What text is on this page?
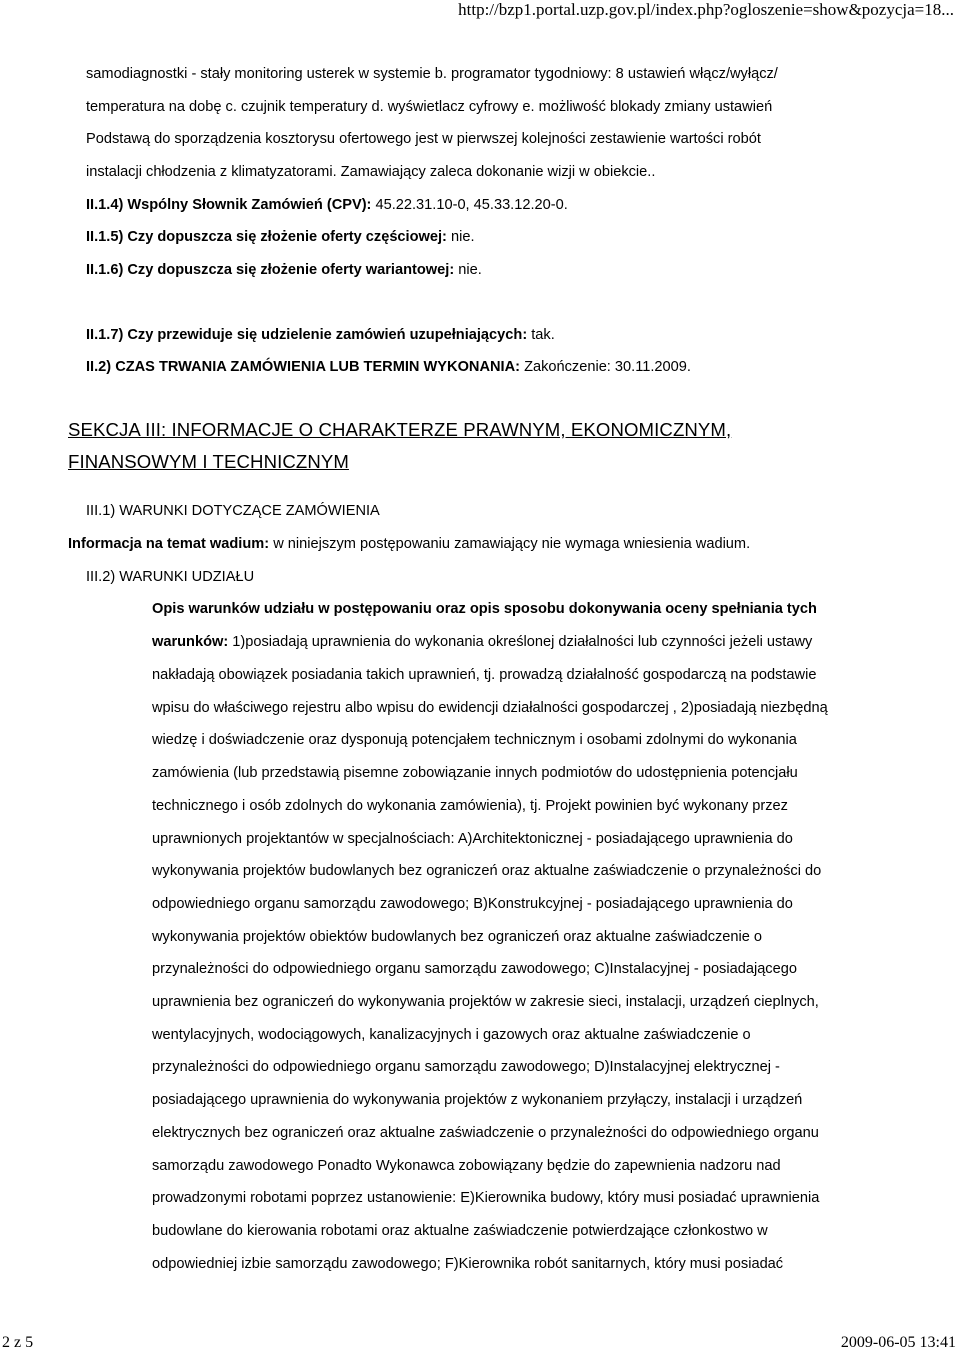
http://bzp1.portal.uzp.gov.pl/index.php?ogloszenie=show&pozycja=18...
samodiagnostki - stały monitoring usterek w systemie b. programator tygodniowy: 8 ustawień włącz/wyłącz/
temperatura na dobę c. czujnik temperatury d. wyświetlacz cyfrowy e. możliwość blokady zmiany ustawień
Podstawą do sporządzenia kosztorysu ofertowego jest w pierwszej kolejności zestawienie wartości robót
instalacji chłodzenia z klimatyzatorami. Zamawiający zaleca dokonanie wizji w obiekcie..
II.1.4) Wspólny Słownik Zamówień (CPV): 45.22.31.10-0, 45.33.12.20-0.
II.1.5) Czy dopuszcza się złożenie oferty częściowej: nie.
II.1.6) Czy dopuszcza się złożenie oferty wariantowej: nie.
II.1.7) Czy przewiduje się udzielenie zamówień uzupełniających: tak.
II.2) CZAS TRWANIA ZAMÓWIENIA LUB TERMIN WYKONANIA: Zakończenie: 30.11.2009.
SEKCJA III: INFORMACJE O CHARAKTERZE PRAWNYM, EKONOMICZNYM,
FINANSOWYM I TECHNICZNYM
III.1) WARUNKI DOTYCZĄCE ZAMÓWIENIA
Informacja na temat wadium: w niniejszym postępowaniu zamawiający nie wymaga wniesienia wadium.
III.2) WARUNKI UDZIAŁU
Opis warunków udziału w postępowaniu oraz opis sposobu dokonywania oceny spełniania tych
warunków: 1)posiadają uprawnienia do wykonania określonej działalności lub czynności jeżeli ustawy
nakładają obowiązek posiadania takich uprawnień, tj. prowadzą działalność gospodarczą na podstawie
wpisu do właściwego rejestru albo wpisu do ewidencji działalności gospodarczej , 2)posiadają niezbędną
wiedzę i doświadczenie oraz dysponują potencjałem technicznym i osobami zdolnymi do wykonania
zamówienia (lub przedstawią pisemne zobowiązanie innych podmiotów do udostępnienia potencjału
technicznego i osób zdolnych do wykonania zamówienia), tj. Projekt powinien być wykonany przez
uprawnionych projektantów w specjalnościach: A)Architektonicznej - posiadającego uprawnienia do
wykonywania projektów budowlanych bez ograniczeń oraz aktualne zaświadczenie o przynależności do
odpowiedniego organu samorządu zawodowego; B)Konstrukcyjnej - posiadającego uprawnienia do
wykonywania projektów obiektów budowlanych bez ograniczeń oraz aktualne zaświadczenie o
przynależności do odpowiedniego organu samorządu zawodowego; C)Instalacyjnej - posiadającego
uprawnienia bez ograniczeń do wykonywania projektów w zakresie sieci, instalacji, urządzeń cieplnych,
wentylacyjnych, wodociągowych, kanalizacyjnych i gazowych oraz aktualne zaświadczenie o
przynależności do odpowiedniego organu samorządu zawodowego; D)Instalacyjnej elektrycznej -
posiadającego uprawnienia do wykonywania projektów z wykonaniem przyłączy, instalacji i urządzeń
elektrycznych bez ograniczeń oraz aktualne zaświadczenie o przynależności do odpowiedniego organu
samorządu zawodowego Ponadto Wykonawca zobowiązany będzie do zapewnienia nadzoru nad
prowadzonymi robotami poprzez ustanowienie: E)Kierownika budowy, który musi posiadać uprawnienia
budowlane do kierowania robotami oraz aktualne zaświadczenie potwierdzające członkostwo w
odpowiedniej izbie samorządu zawodowego; F)Kierownika robót sanitarnych, który musi posiadać
2 z 5	2009-06-05 13:41
